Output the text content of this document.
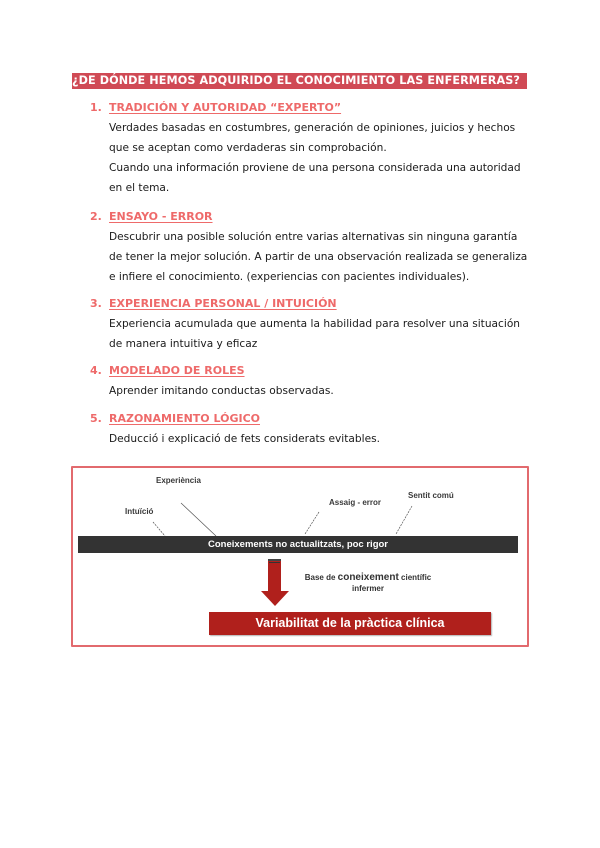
¿DE DÓNDE HEMOS ADQUIRIDO EL CONOCIMIENTO LAS ENFERMERAS?
1. TRADICIÓN Y AUTORIDAD “EXPERTO”

Verdades basadas en costumbres, generación de opiniones, juicios y hechos

que se aceptan como verdaderas sin comprobación.

Cuando una información proviene de una persona considerada una autoridad

en el tema.

2. ENSAYO - ERROR

Descubrir una posible solución entre varias alternativas sin ninguna garantía

de tener la mejor solución. A partir de una observación realizada se generaliza

e infiere el conocimiento. (experiencias con pacientes individuales).

3. EXPERIENCIA PERSONAL / INTUICIÓN

Experiencia acumulada que aumenta la habilidad para resolver una situación

de manera intuitiva y eficaz

4. MODELADO DE ROLES

Aprender imitando conductas observadas.

5. RAZONAMIENTO LÓGICO

Deducció i explicació de fets considerats evitables.

Experiència
Intuïció
Assaig - error
Sentit comú
Coneixements no actualitzats, poc rigor
Base de coneixement científic
infermer
Variabilitat de la pràctica clínica
